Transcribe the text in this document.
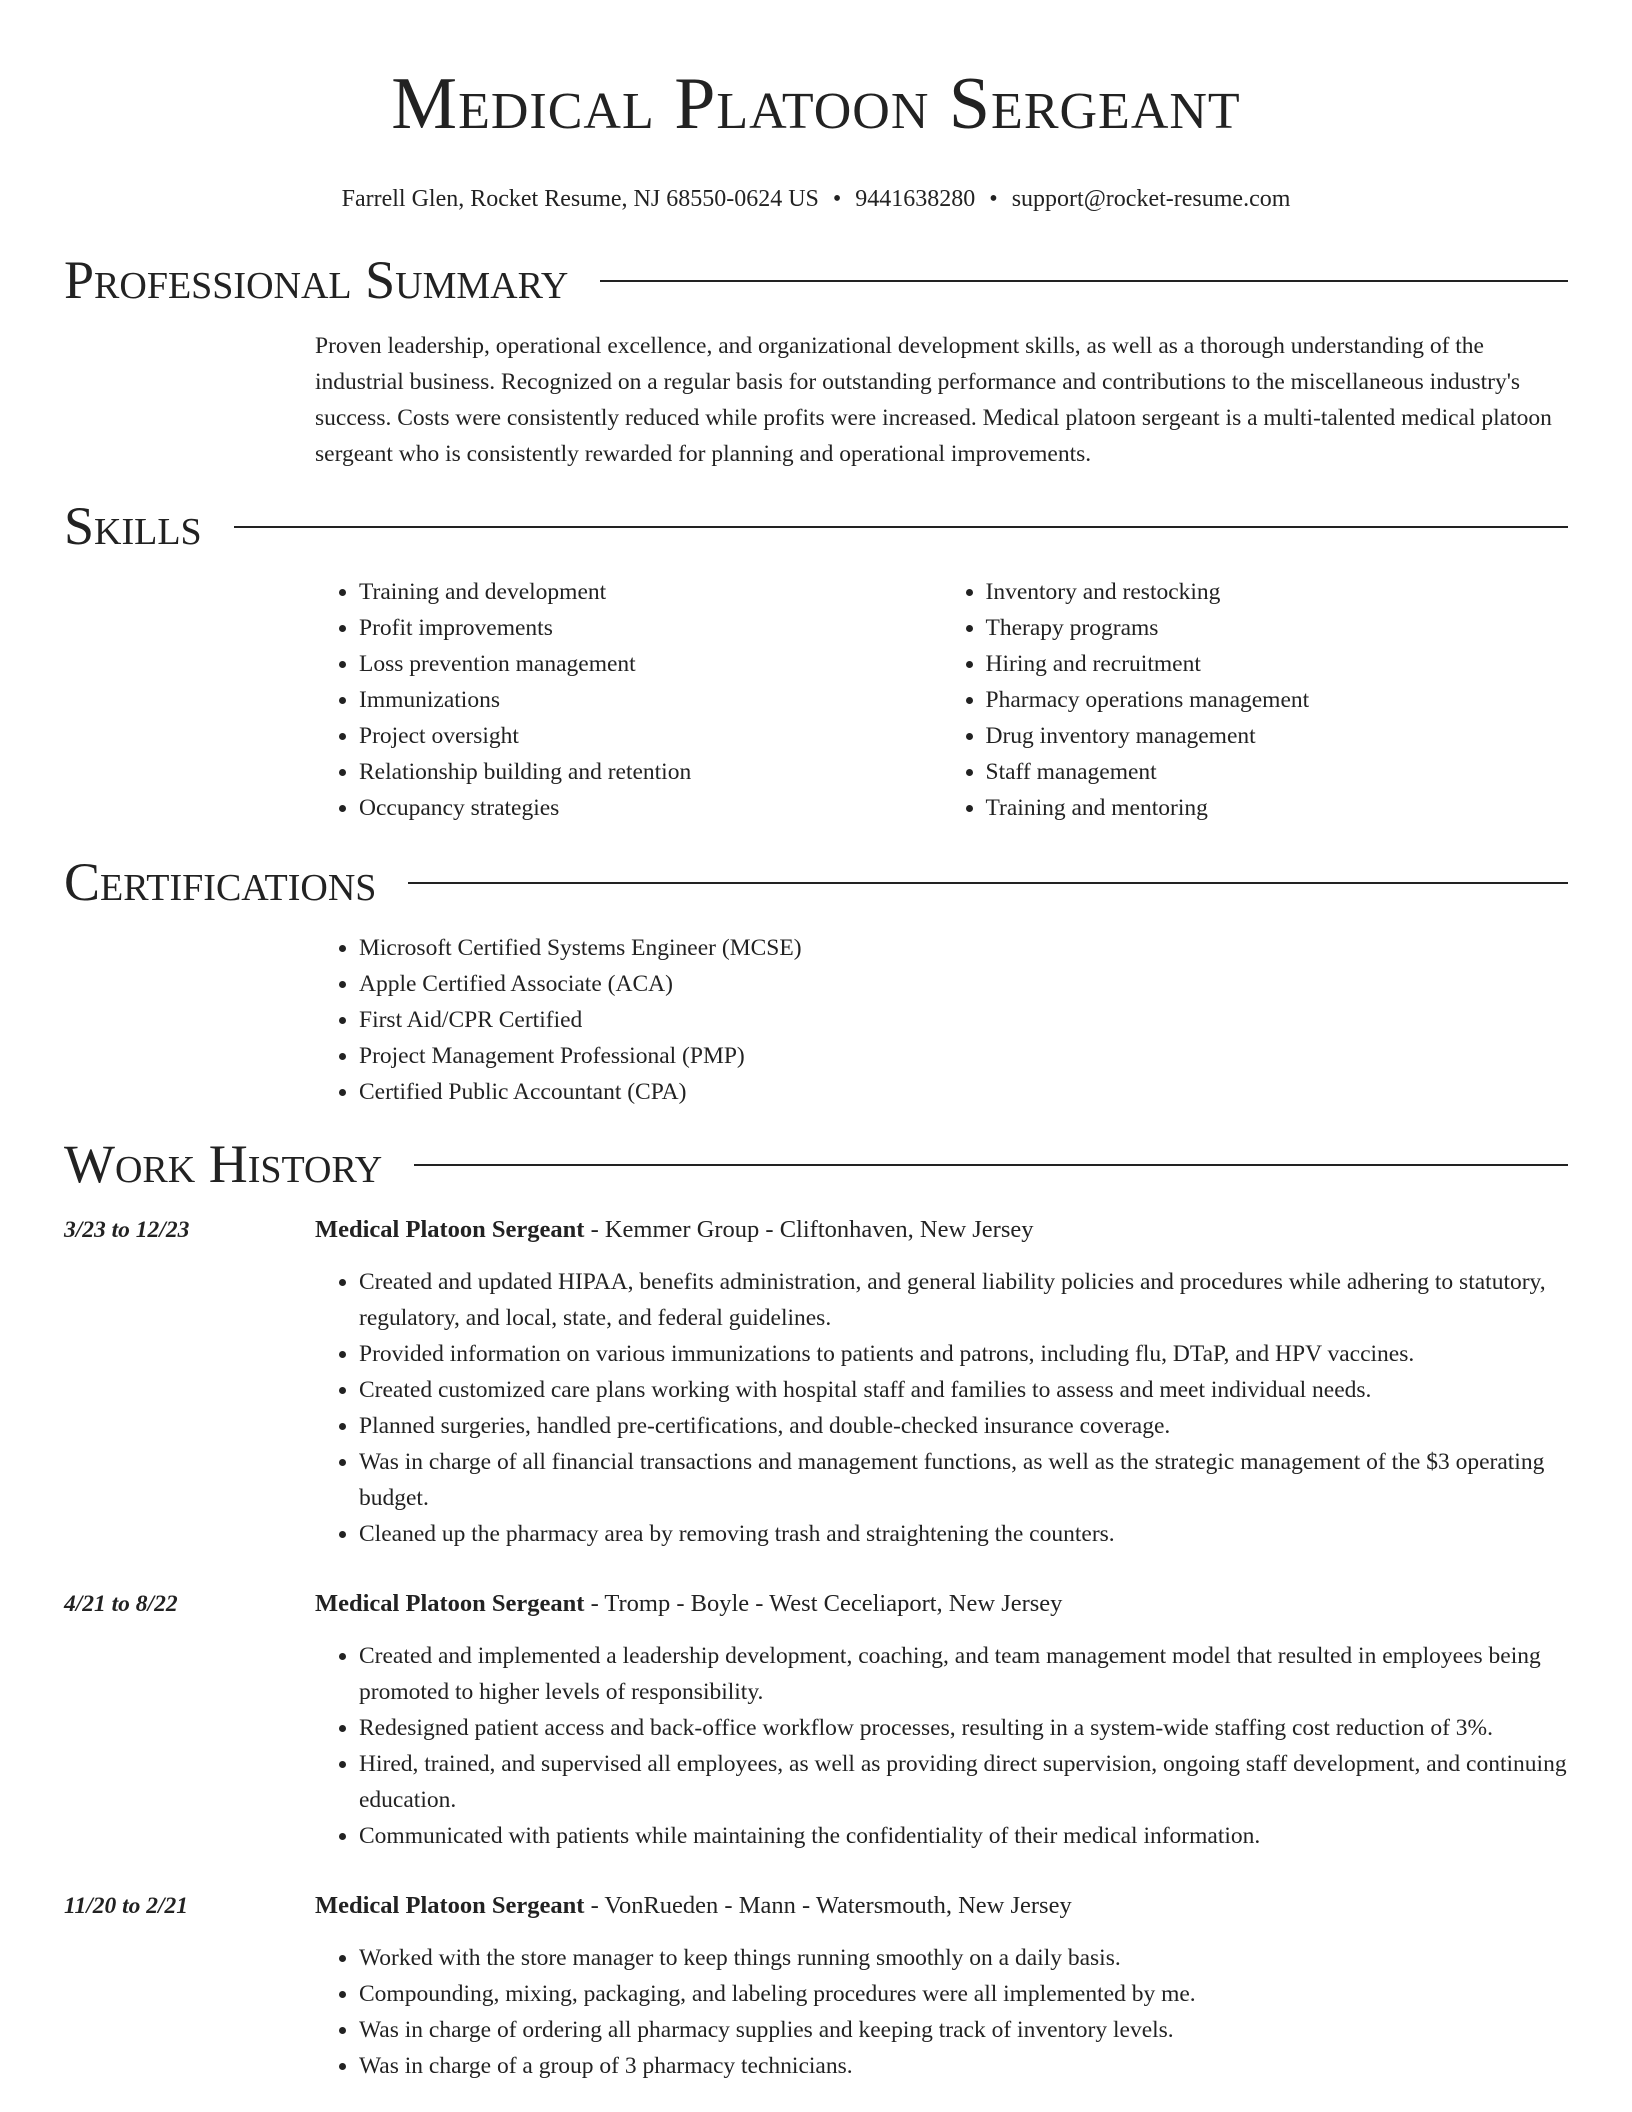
Medical Platoon Sergeant
Farrell Glen, Rocket Resume, NJ 68550-0624 US • 9441638280 • support@rocket-resume.com
Professional Summary
Proven leadership, operational excellence, and organizational development skills, as well as a thorough understanding of the industrial business. Recognized on a regular basis for outstanding performance and contributions to the miscellaneous industry's success. Costs were consistently reduced while profits were increased. Medical platoon sergeant is a multi-talented medical platoon sergeant who is consistently rewarded for planning and operational improvements.
Skills
• Training and development
• Profit improvements
• Loss prevention management
• Immunizations
• Project oversight
• Relationship building and retention
• Occupancy strategies
• Inventory and restocking
• Therapy programs
• Hiring and recruitment
• Pharmacy operations management
• Drug inventory management
• Staff management
• Training and mentoring
Certifications
• Microsoft Certified Systems Engineer (MCSE)
• Apple Certified Associate (ACA)
• First Aid/CPR Certified
• Project Management Professional (PMP)
• Certified Public Accountant (CPA)
Work History
3/23 to 12/23	Medical Platoon Sergeant - Kemmer Group - Cliftonhaven, New Jersey
• Created and updated HIPAA, benefits administration, and general liability policies and procedures while adhering to statutory, regulatory, and local, state, and federal guidelines.
• Provided information on various immunizations to patients and patrons, including flu, DTaP, and HPV vaccines.
• Created customized care plans working with hospital staff and families to assess and meet individual needs.
• Planned surgeries, handled pre-certifications, and double-checked insurance coverage.
• Was in charge of all financial transactions and management functions, as well as the strategic management of the $3 operating budget.
• Cleaned up the pharmacy area by removing trash and straightening the counters.
4/21 to 8/22	Medical Platoon Sergeant - Tromp - Boyle - West Ceceliaport, New Jersey
• Created and implemented a leadership development, coaching, and team management model that resulted in employees being promoted to higher levels of responsibility.
• Redesigned patient access and back-office workflow processes, resulting in a system-wide staffing cost reduction of 3%.
• Hired, trained, and supervised all employees, as well as providing direct supervision, ongoing staff development, and continuing education.
• Communicated with patients while maintaining the confidentiality of their medical information.
11/20 to 2/21	Medical Platoon Sergeant - VonRueden - Mann - Watersmouth, New Jersey
• Worked with the store manager to keep things running smoothly on a daily basis.
• Compounding, mixing, packaging, and labeling procedures were all implemented by me.
• Was in charge of ordering all pharmacy supplies and keeping track of inventory levels.
• Was in charge of a group of 3 pharmacy technicians.
